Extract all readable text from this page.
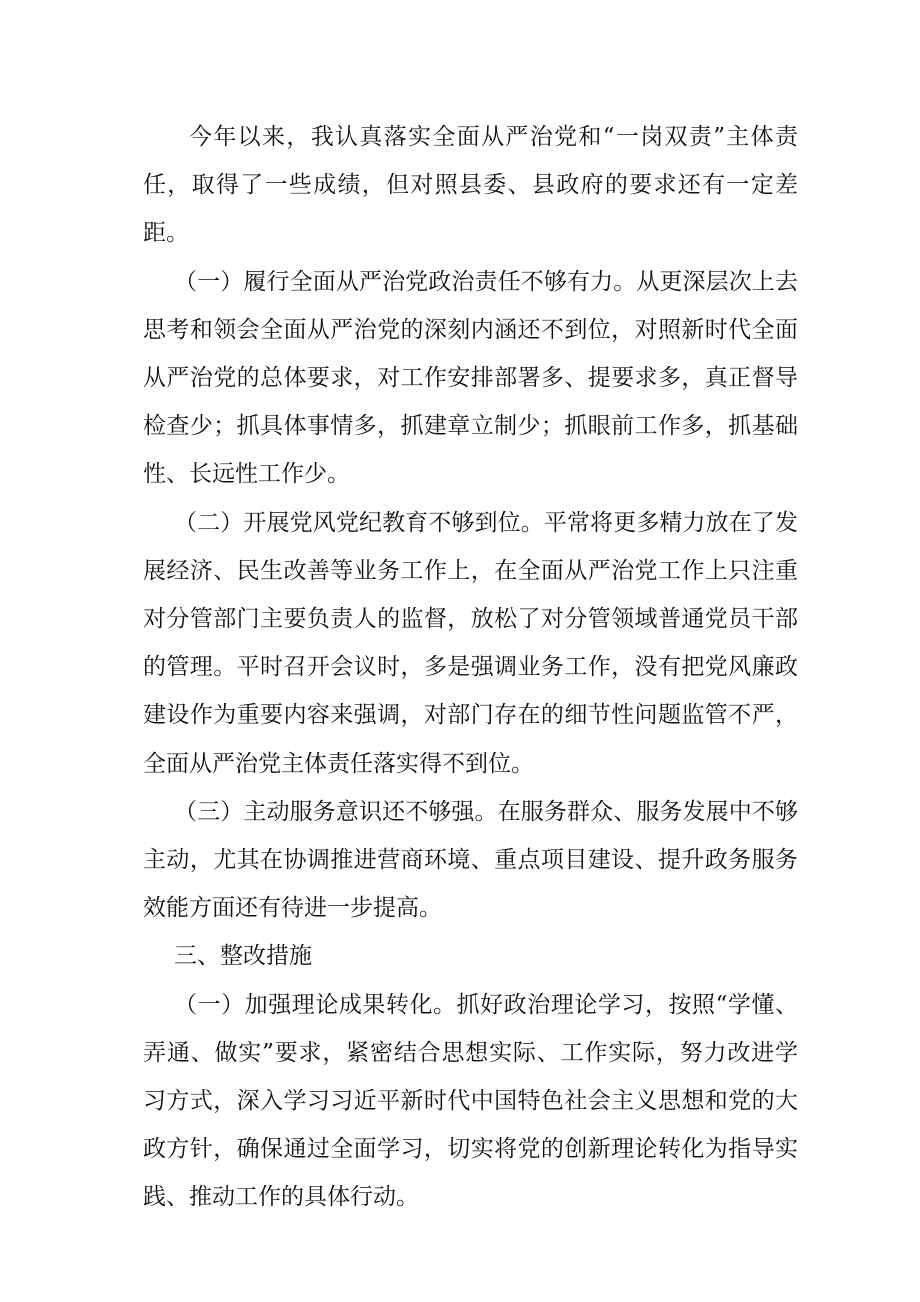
今年以来，我认真落实全面从严治党和“一岗双责”主体责任，取得了一些成绩，但对照县委、县政府的要求还有一定差距。

（一）履行全面从严治党政治责任不够有力。从更深层次上去思考和领会全面从严治党的深刻内涵还不到位，对照新时代全面从严治党的总体要求，对工作安排部署多、提要求多，真正督导检查少；抓具体事情多，抓建章立制少；抓眼前工作多，抓基础性、长远性工作少。

（二）开展党风党纪教育不够到位。平常将更多精力放在了发展经济、民生改善等业务工作上，在全面从严治党工作上只注重对分管部门主要负责人的监督，放松了对分管领域普通党员干部的管理。平时召开会议时，多是强调业务工作，没有把党风廉政建设作为重要内容来强调，对部门存在的细节性问题监管不严，全面从严治党主体责任落实得不到位。

（三）主动服务意识还不够强。在服务群众、服务发展中不够主动，尤其在协调推进营商环境、重点项目建设、提升政务服务效能方面还有待进一步提高。

三、整改措施

（一）加强理论成果转化。抓好政治理论学习，按照“学懂、弄通、做实”要求，紧密结合思想实际、工作实际，努力改进学习方式，深入学习习近平新时代中国特色社会主义思想和党的大政方针，确保通过全面学习，切实将党的创新理论转化为指导实践、推动工作的具体行动。
